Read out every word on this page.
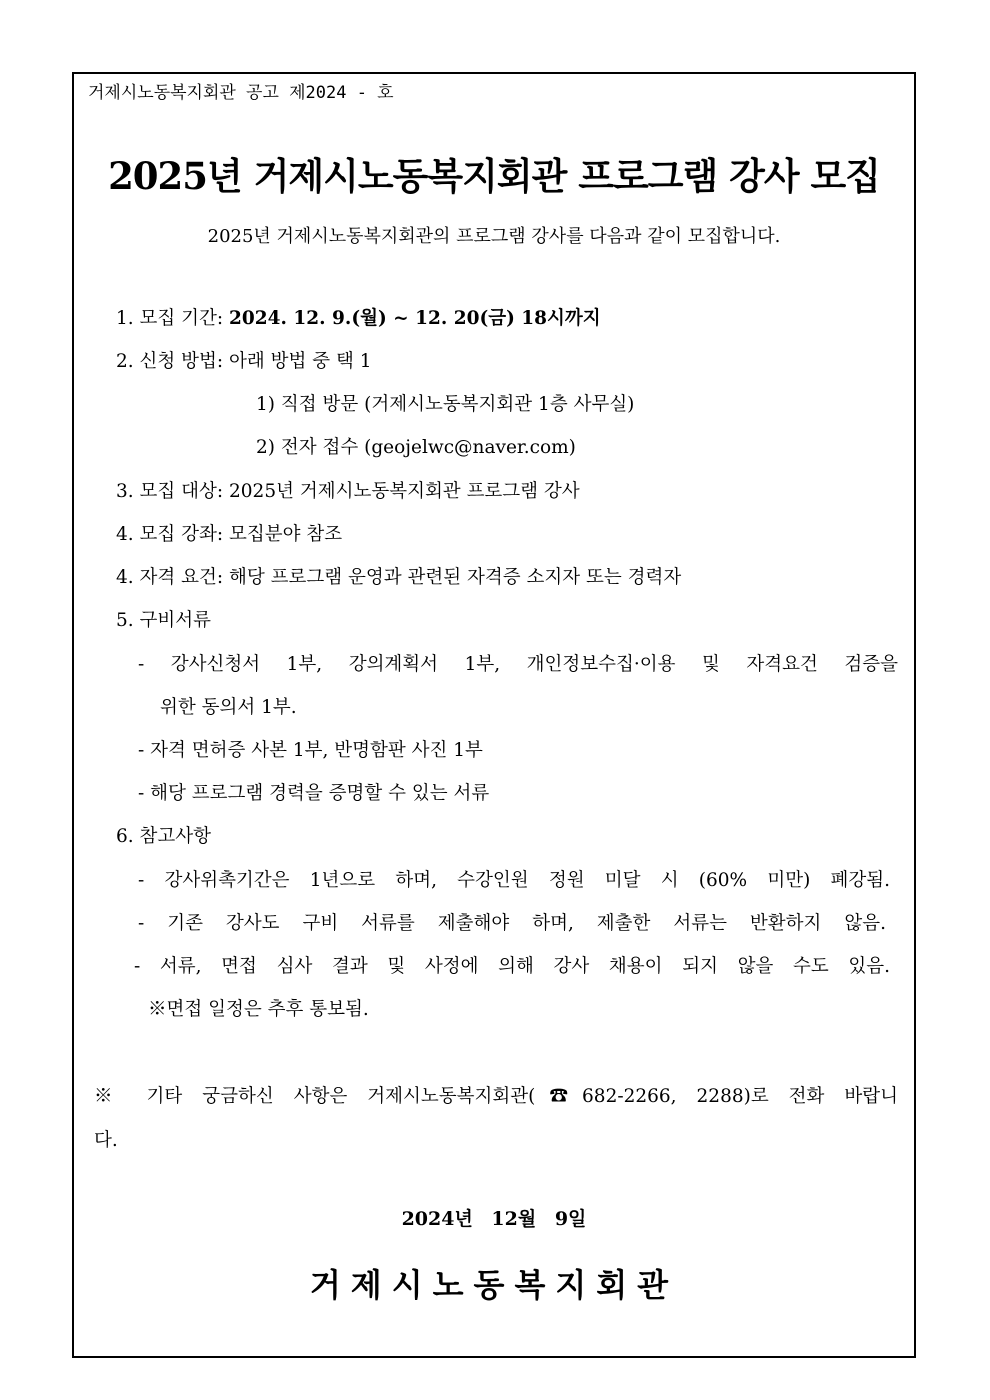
거제시노동복지회관 공고 제2024 - 호
2025년 거제시노동복지회관 프로그램 강사 모집
2025년 거제시노동복지회관의 프로그램 강사를 다음과 같이 모집합니다.
1. 모집 기간: 2024. 12. 9.(월) ~ 12. 20(금) 18시까지
2. 신청 방법: 아래 방법 중 택 1
1) 직접 방문 (거제시노동복지회관 1층 사무실)
2) 전자 접수 (geojelwc@naver.com)
3. 모집 대상: 2025년 거제시노동복지회관 프로그램 강사
4. 모집 강좌: 모집분야 참조
4. 자격 요건: 해당 프로그램 운영과 관련된 자격증 소지자 또는 경력자
5. 구비서류
- 강사신청서 1부, 강의계획서 1부, 개인정보수집·이용 및 자격요건 검증을
위한 동의서 1부.
- 자격 면허증 사본 1부, 반명함판 사진 1부
- 해당 프로그램 경력을 증명할 수 있는 서류
6. 참고사항
- 강사위촉기간은 1년으로 하며, 수강인원 정원 미달 시 (60% 미만) 폐강됨.
- 기존 강사도 구비 서류를 제출해야 하며, 제출한 서류는 반환하지 않음.
- 서류, 면접 심사 결과 및 사정에 의해 강사 채용이 되지 않을 수도 있음.
※면접 일정은 추후 통보됨.
※ 기타 궁금하신 사항은 거제시노동복지회관(☎682-2266, 2288)로 전화 바랍니
다.
2024년 12월 9일
거제시노동복지회관
